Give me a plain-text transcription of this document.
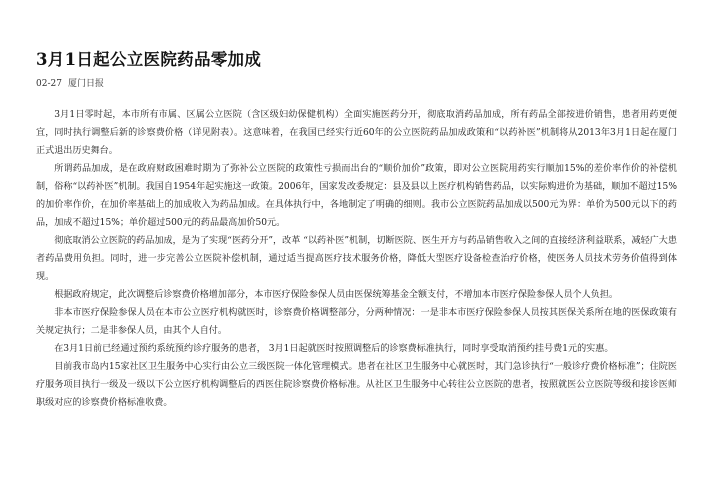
3月1日起公立医院药品零加成
02-27 厦门日报

3月1日零时起，本市所有市属、区属公立医院（含区级妇幼保健机构）全面实施医药分开，彻底取消药品加成，所有药品全部按进价销售，患者用药更便宜，同时执行调整后新的诊察费价格（详见附表）。这意味着，在我国已经实行近60年的公立医院药品加成政策和“以药补医”机制将从2013年3月1日起在厦门正式退出历史舞台。

所谓药品加成，是在政府财政困难时期为了弥补公立医院的政策性亏损而出台的“顺价加价”政策，即对公立医院用药实行顺加15%的差价率作价的补偿机制，俗称“以药补医”机制。我国自1954年起实施这一政策。2006年，国家发改委规定：县及县以上医疗机构销售药品，以实际购进价为基础，顺加不超过15%的加价率作价，在加价率基础上的加成收入为药品加成。在具体执行中，各地制定了明确的细则。我市公立医院药品加成以500元为界：单价为500元以下的药品，加成不超过15%；单价超过500元的药品最高加价50元。

彻底取消公立医院的药品加成，是为了实现“医药分开”，改革 “以药补医”机制，切断医院、医生开方与药品销售收入之间的直接经济利益联系，减轻广大患者药品费用负担。同时，进一步完善公立医院补偿机制，通过适当提高医疗技术服务价格，降低大型医疗设备检查治疗价格，使医务人员技术劳务价值得到体现。

根据政府规定，此次调整后诊察费价格增加部分，本市医疗保险参保人员由医保统筹基金全额支付，不增加本市医疗保险参保人员个人负担。

非本市医疗保险参保人员在本市公立医疗机构就医时，诊察费价格调整部分，分两种情况：一是非本市医疗保险参保人员按其医保关系所在地的医保政策有关规定执行；二是非参保人员，由其个人自付。

在3月1日前已经通过预约系统预约诊疗服务的患者， 3月1日起就医时按照调整后的诊察费标准执行，同时享受取消预约挂号费1元的实惠。

目前我市岛内15家社区卫生服务中心实行由公立三级医院一体化管理模式。患者在社区卫生服务中心就医时，其门急诊执行“一般诊疗费价格标准”；住院医疗服务项目执行一级及一级以下公立医疗机构调整后的西医住院诊察费价格标准。从社区卫生服务中心转往公立医院的患者，按照就医公立医院等级和接诊医师职级对应的诊察费价格标准收费。
